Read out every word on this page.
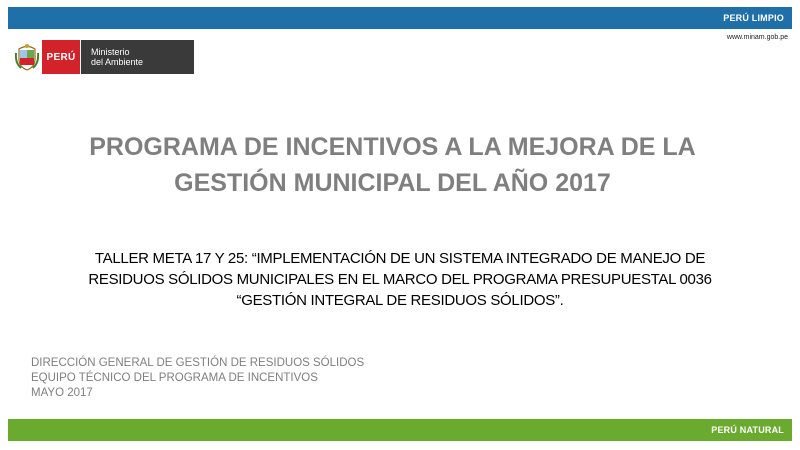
PERÚ LIMPIO
www.minam.gob.pe
PERÚ	Ministerio
del Ambiente
PROGRAMA DE INCENTIVOS A LA MEJORA DE LA
GESTIÓN MUNICIPAL DEL AÑO 2017
TALLER META 17 Y 25: “IMPLEMENTACIÓN DE UN SISTEMA INTEGRADO DE MANEJO DE
RESIDUOS SÓLIDOS MUNICIPALES EN EL MARCO DEL PROGRAMA PRESUPUESTAL 0036
“GESTIÓN INTEGRAL DE RESIDUOS SÓLIDOS”.
DIRECCIÓN GENERAL DE GESTIÓN DE RESIDUOS SÓLIDOS
EQUIPO TÉCNICO DEL PROGRAMA DE INCENTIVOS
MAYO 2017
PERÚ NATURAL
